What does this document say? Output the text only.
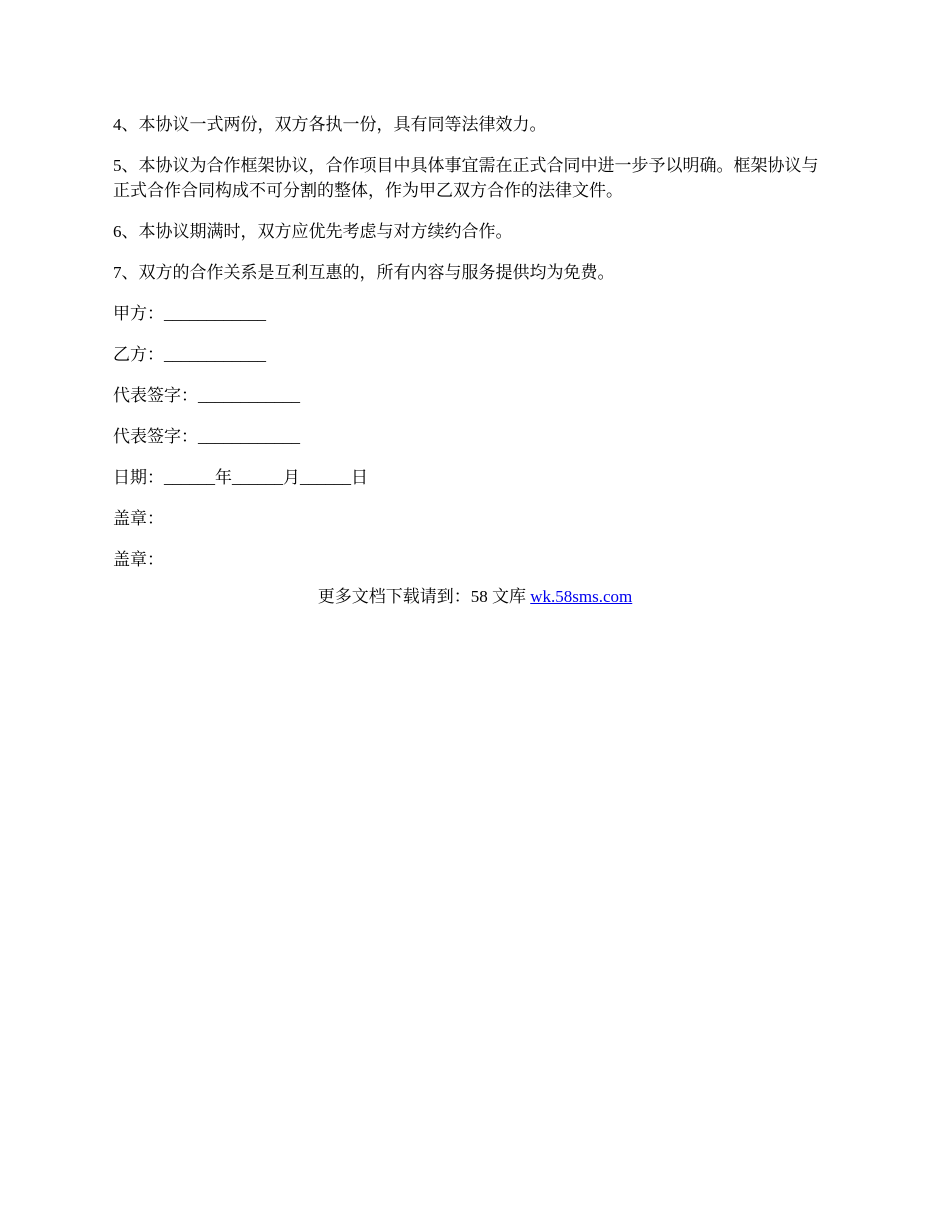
4、本协议一式两份，双方各执一份，具有同等法律效力。

5、本协议为合作框架协议，合作项目中具体事宜需在正式合同中进一步予以明确。框架协议与正式合作合同构成不可分割的整体，作为甲乙双方合作的法律文件。

6、本协议期满时，双方应优先考虑与对方续约合作。

7、双方的合作关系是互利互惠的，所有内容与服务提供均为免费。

甲方：____________
乙方：____________
代表签字：____________
代表签字：____________
日期：______年______月______日
盖章：
盖章：
更多文档下载请到：58 文库 wk.58sms.com
